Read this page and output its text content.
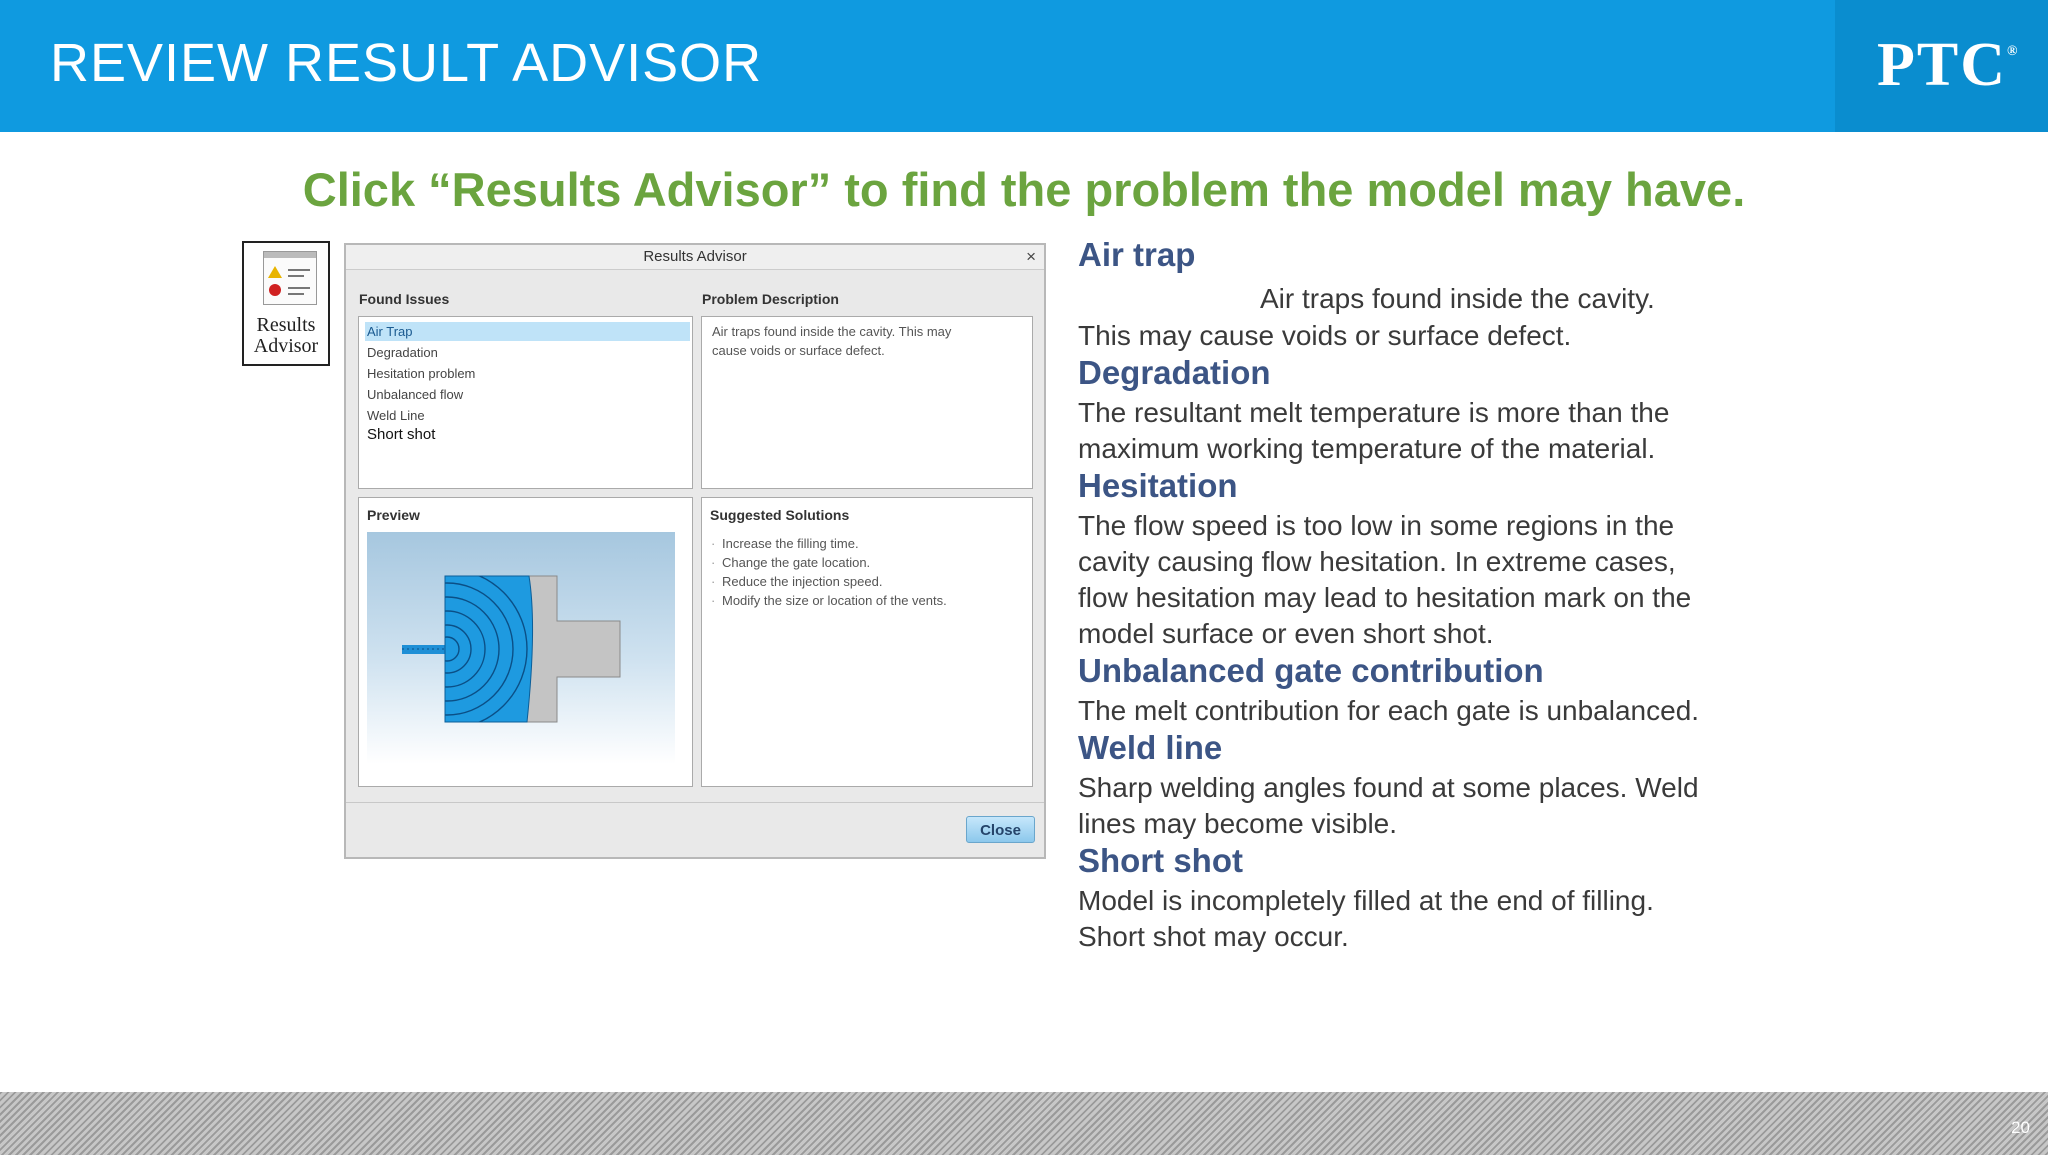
REVIEW RESULT ADVISOR	PTC®
Click “Results Advisor” to find the problem the model may have.
Results
Advisor
Results Advisor	×
Found Issues
Air Trap
Degradation
Hesitation problem
Unbalanced flow
Weld Line
Short shot
Problem Description
Air traps found inside the cavity. This may
cause voids or surface defect.
Preview	Suggested Solutions
· Increase the filling time.
· Change the gate location.
· Reduce the injection speed.
· Modify the size or location of the vents.
Close
Air trap
Air traps found inside the cavity.
This may cause voids or surface defect.
Degradation
The resultant melt temperature is more than the
maximum working temperature of the material.
Hesitation
The flow speed is too low in some regions in the
cavity causing flow hesitation. In extreme cases,
flow hesitation may lead to hesitation mark on the
model surface or even short shot.
Unbalanced gate contribution
The melt contribution for each gate is unbalanced.
Weld line
Sharp welding angles found at some places. Weld
lines may become visible.
Short shot
Model is incompletely filled at the end of filling.
Short shot may occur.
20
